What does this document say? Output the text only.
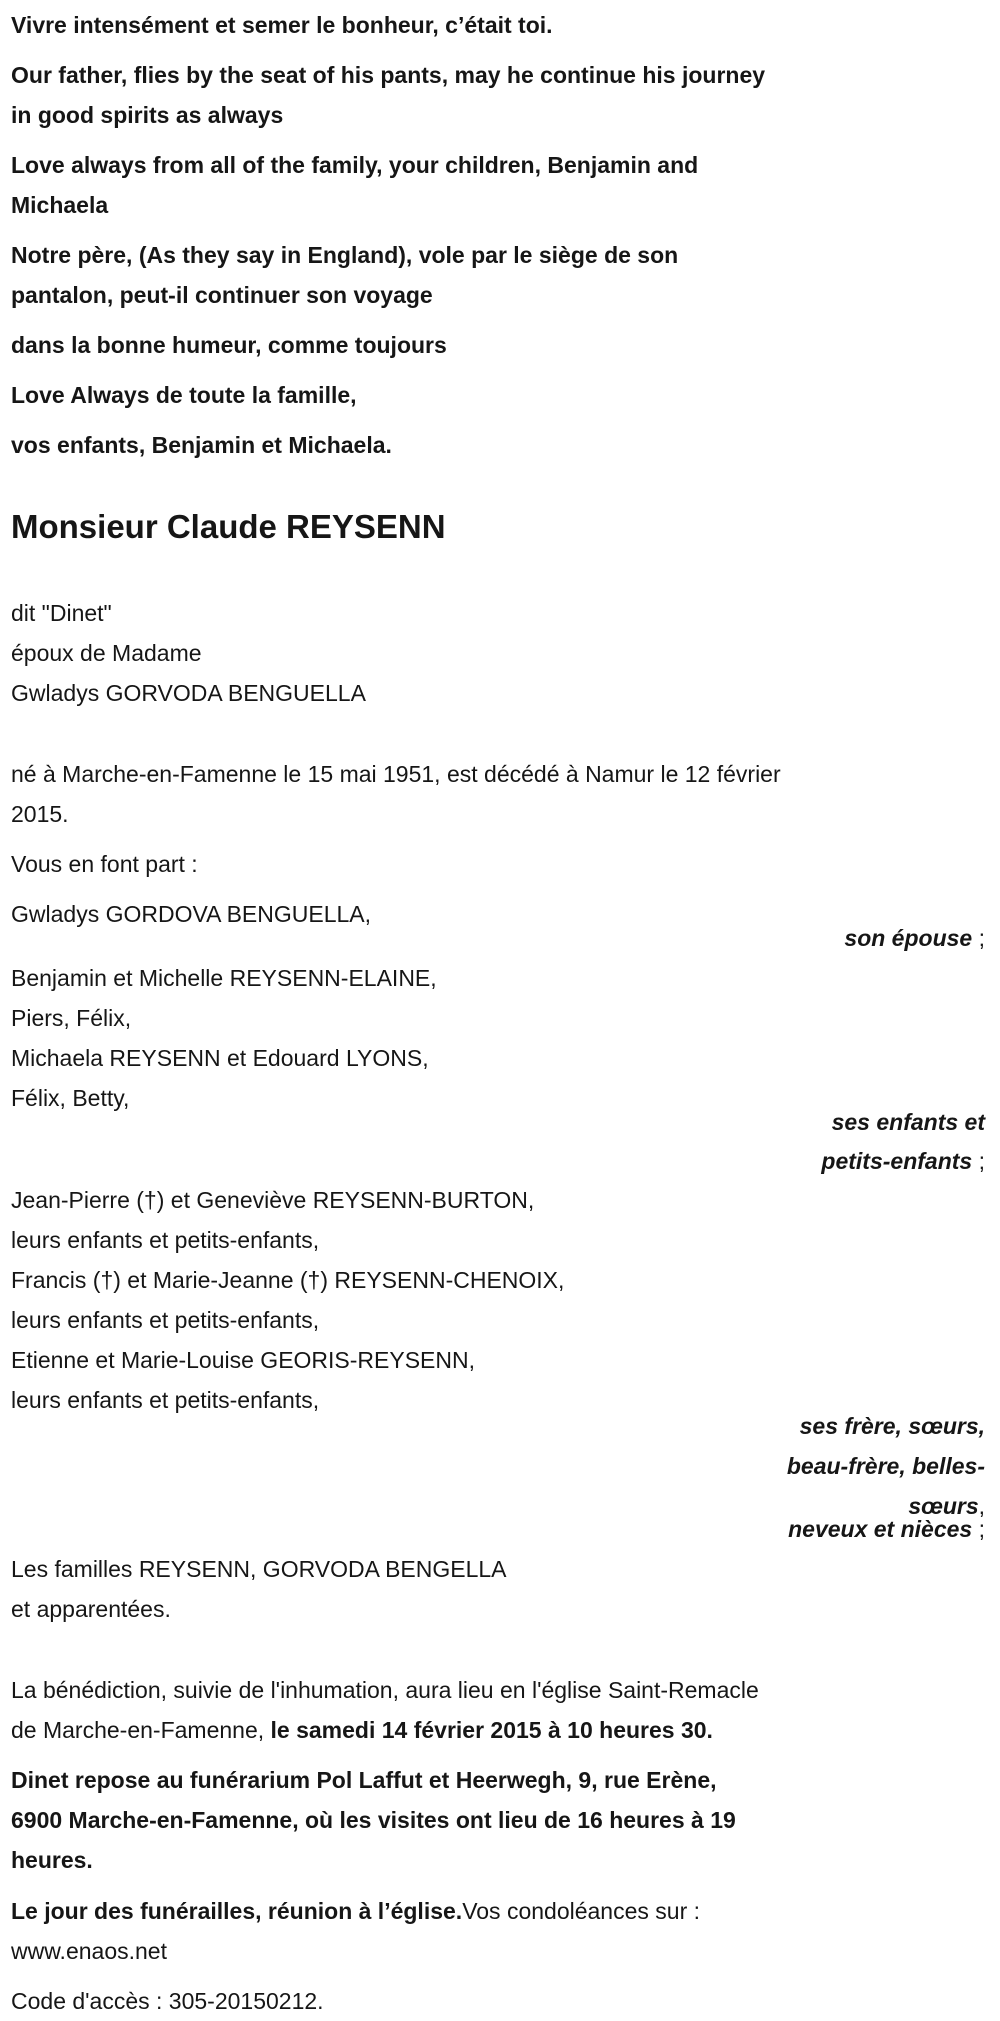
Vivre intensément et semer le bonheur, c’était toi.

Our father, flies by the seat of his pants, may he continue his journey
in good spirits as always

Love always from all of the family, your children, Benjamin and
Michaela

Notre père, (As they say in England), vole par le siège de son
pantalon, peut-il continuer son voyage

dans la bonne humeur, comme toujours

Love Always de toute la famille,

vos enfants, Benjamin et Michaela.

Monsieur Claude REYSENN
dit "Dinet"
époux de Madame
Gwladys GORVODA BENGUELLA
né à Marche-en-Famenne le 15 mai 1951, est décédé à Namur le 12 février
2015.
Vous en font part :
Gwladys GORDOVA BENGUELLA,
son épouse ;
Benjamin et Michelle REYSENN-ELAINE,
Piers, Félix,
Michaela REYSENN et Edouard LYONS,
Félix, Betty,
ses enfants et
petits-enfants ;
Jean-Pierre (†) et Geneviève REYSENN-BURTON,
leurs enfants et petits-enfants,
Francis (†) et Marie-Jeanne (†) REYSENN-CHENOIX,
leurs enfants et petits-enfants,
Etienne et Marie-Louise GEORIS-REYSENN,
leurs enfants et petits-enfants,
ses frère, sœurs,
beau-frère, belles-
sœurs,
neveux et nièces ;
Les familles REYSENN, GORVODA BENGELLA
et apparentées.
La bénédiction, suivie de l'inhumation, aura lieu en l'église Saint-Remacle
de Marche-en-Famenne, le samedi 14 février 2015 à 10 heures 30.
Dinet repose au funérarium Pol Laffut et Heerwegh, 9, rue Erène,
6900 Marche-en-Famenne, où les visites ont lieu de 16 heures à 19
heures.
Le jour des funérailles, réunion à l’église.Vos condoléances sur :
www.enaos.net
Code d'accès : 305-20150212.
